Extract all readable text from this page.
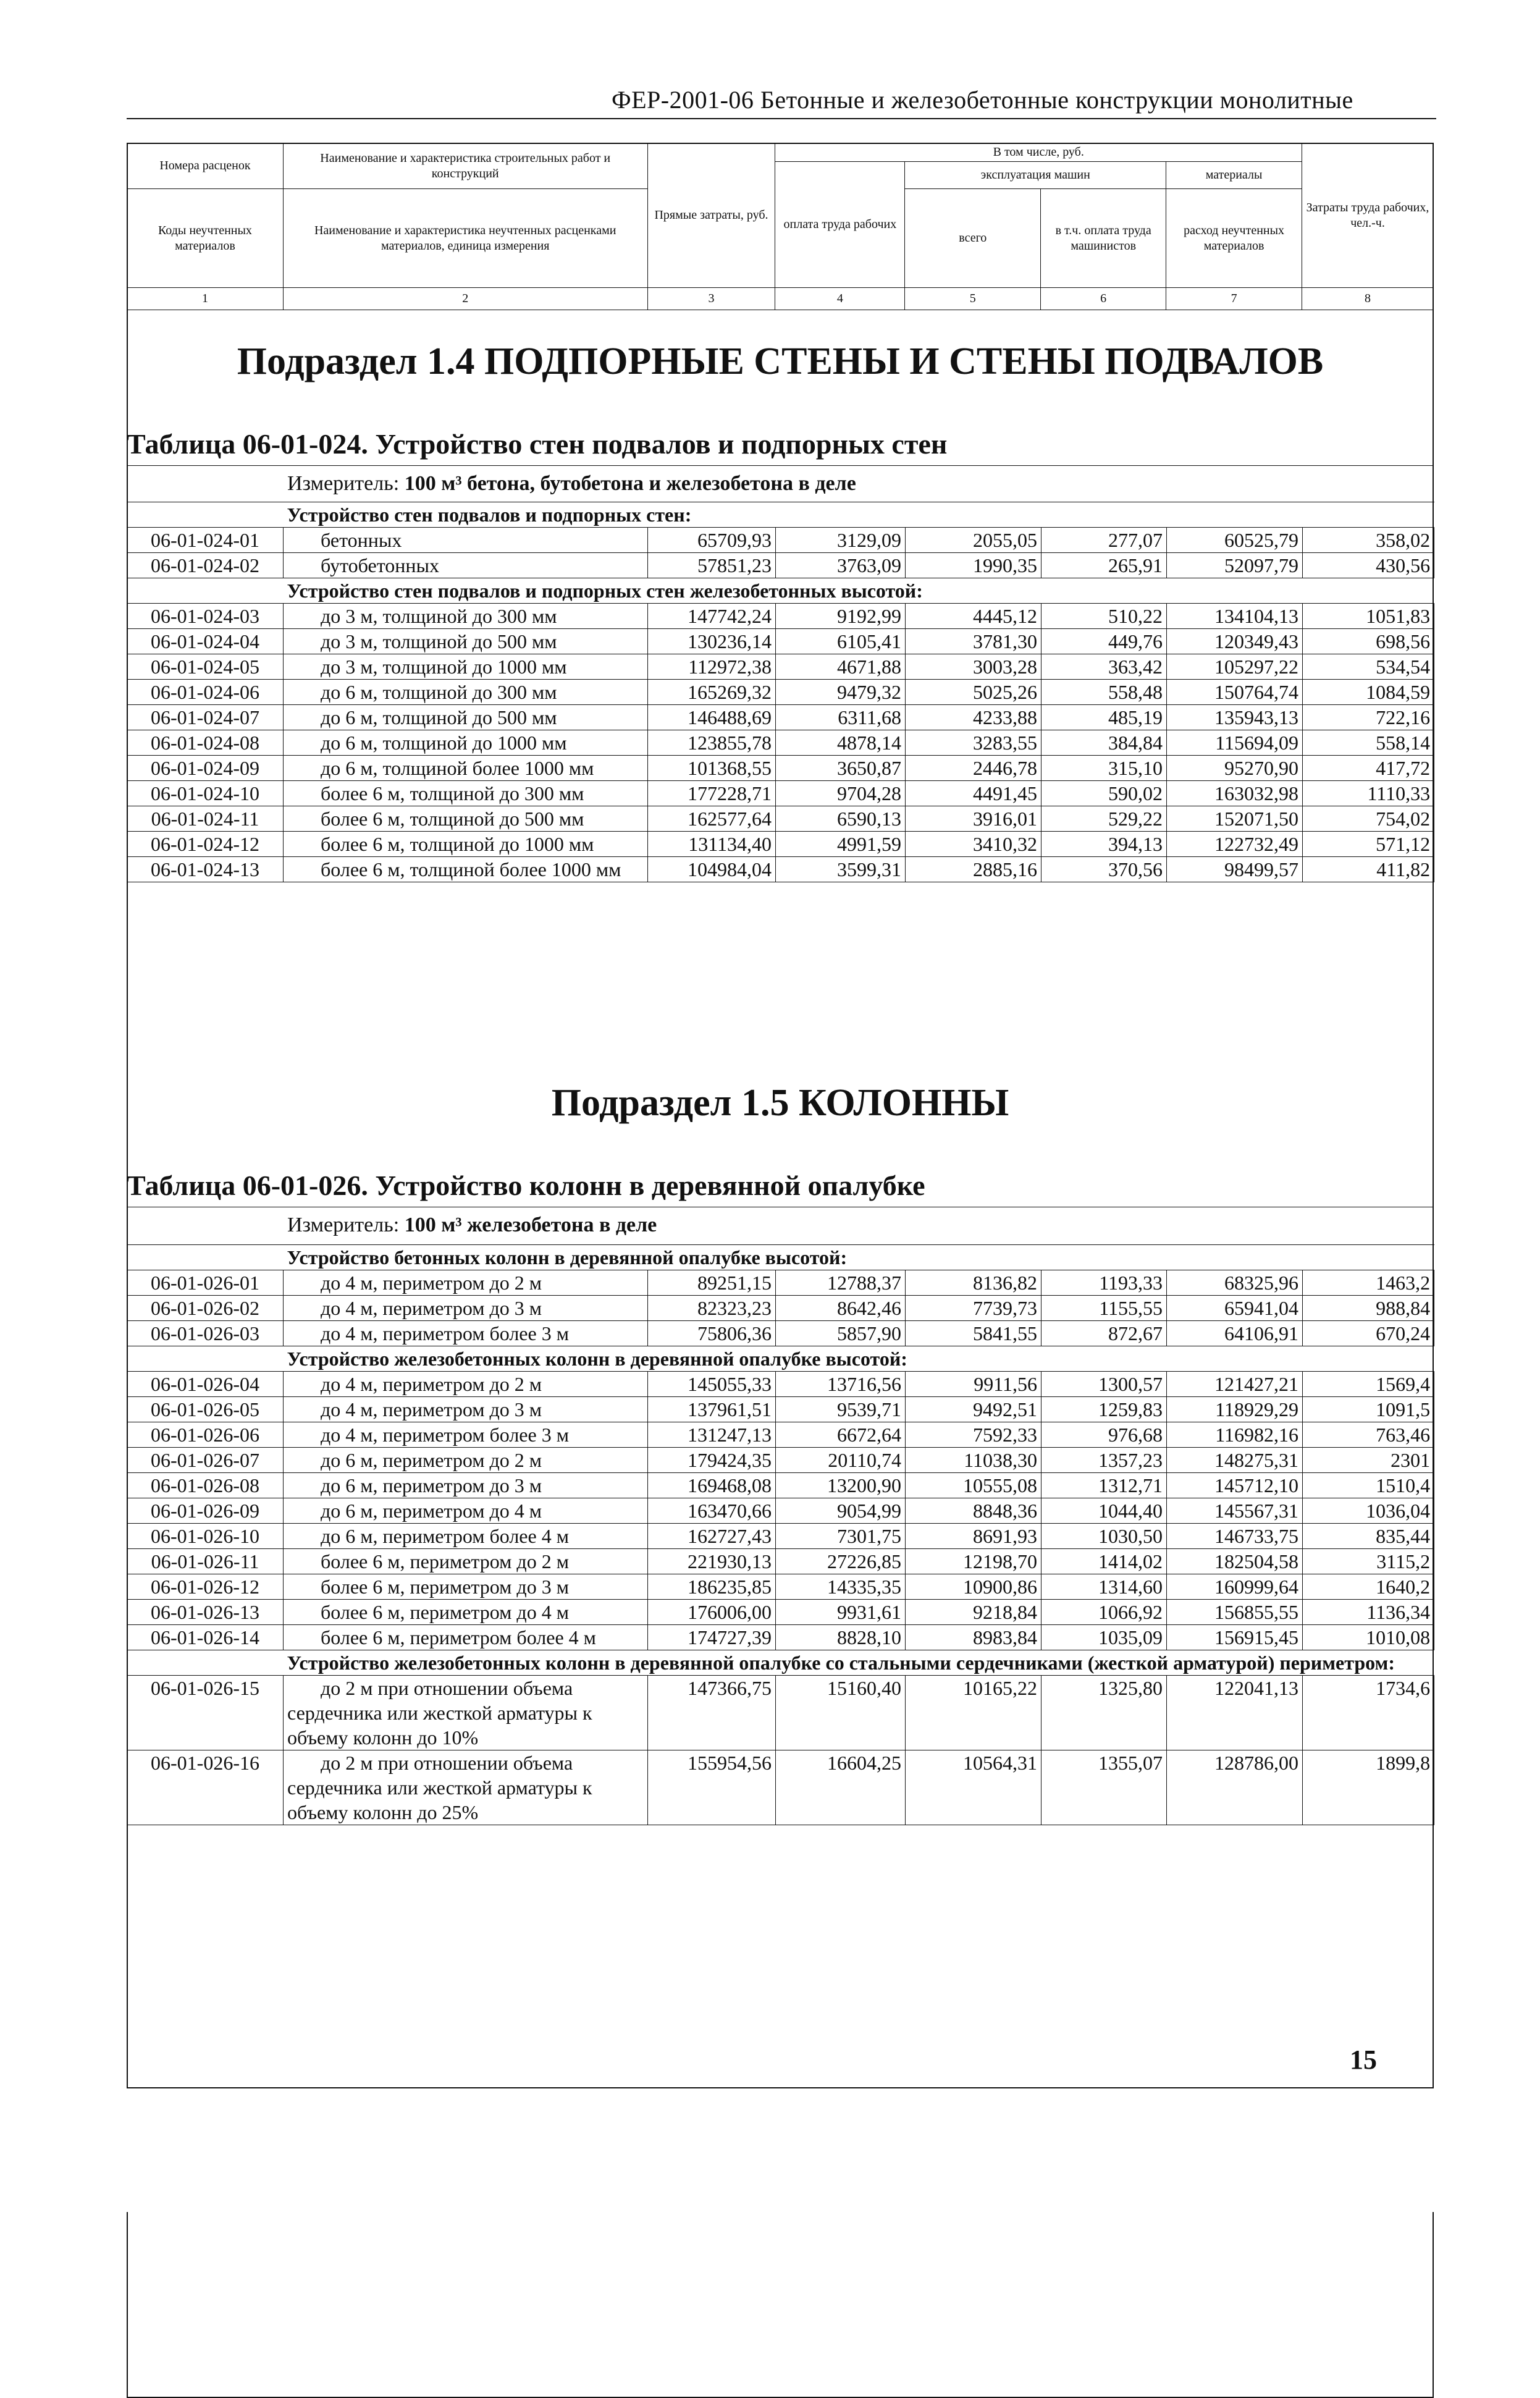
ФЕР-2001-06 Бетонные и железобетонные конструкции монолитные
Номера расценок	Наименование и характеристика строительных работ и конструкций	Прямые затраты, руб.	В том числе, руб.				Затраты труда рабочих, чел.-ч.
			оплата труда рабочих	эксплуатация машин		материалы	
Коды неучтенных материалов	Наименование и характеристика неучтенных расценками материалов, единица измерения			всего	в т.ч. оплата труда машинистов	расход неучтенных материалов	

1	2	3	4	5	6	7	8
Подраздел 1.4 ПОДПОРНЫЕ СТЕНЫ И СТЕНЫ ПОДВАЛОВ
Таблица 06-01-024. Устройство стен подвалов и подпорных стен
Измеритель: 100 м³ бетона, бутобетона и железобетона в деле
	Устройство стен подвалов и подпорных стен:						
06-01-024-01	бетонных	65709,93	3129,09	2055,05	277,07	60525,79	358,02
06-01-024-02	бутобетонных	57851,23	3763,09	1990,35	265,91	52097,79	430,56
	Устройство стен подвалов и подпорных стен железобетонных высотой:						
06-01-024-03	до 3 м, толщиной до 300 мм	147742,24	9192,99	4445,12	510,22	134104,13	1051,83
06-01-024-04	до 3 м, толщиной до 500 мм	130236,14	6105,41	3781,30	449,76	120349,43	698,56
06-01-024-05	до 3 м, толщиной до 1000 мм	112972,38	4671,88	3003,28	363,42	105297,22	534,54
06-01-024-06	до 6 м, толщиной до 300 мм	165269,32	9479,32	5025,26	558,48	150764,74	1084,59
06-01-024-07	до 6 м, толщиной до 500 мм	146488,69	6311,68	4233,88	485,19	135943,13	722,16
06-01-024-08	до 6 м, толщиной до 1000 мм	123855,78	4878,14	3283,55	384,84	115694,09	558,14
06-01-024-09	до 6 м, толщиной более 1000 мм	101368,55	3650,87	2446,78	315,10	95270,90	417,72
06-01-024-10	более 6 м, толщиной до 300 мм	177228,71	9704,28	4491,45	590,02	163032,98	1110,33
06-01-024-11	более 6 м, толщиной до 500 мм	162577,64	6590,13	3916,01	529,22	152071,50	754,02
06-01-024-12	более 6 м, толщиной до 1000 мм	131134,40	4991,59	3410,32	394,13	122732,49	571,12
06-01-024-13	более 6 м, толщиной более 1000 мм	104984,04	3599,31	2885,16	370,56	98499,57	411,82
Подраздел 1.5 КОЛОННЫ
Таблица 06-01-026. Устройство колонн в деревянной опалубке
Измеритель: 100 м³ железобетона в деле
	Устройство бетонных колонн в деревянной опалубке высотой:						
06-01-026-01	до 4 м, периметром до 2 м	89251,15	12788,37	8136,82	1193,33	68325,96	1463,2
06-01-026-02	до 4 м, периметром до 3 м	82323,23	8642,46	7739,73	1155,55	65941,04	988,84
06-01-026-03	до 4 м, периметром более 3 м	75806,36	5857,90	5841,55	872,67	64106,91	670,24
	Устройство железобетонных колонн в деревянной опалубке высотой:						
06-01-026-04	до 4 м, периметром до 2 м	145055,33	13716,56	9911,56	1300,57	121427,21	1569,4
06-01-026-05	до 4 м, периметром до 3 м	137961,51	9539,71	9492,51	1259,83	118929,29	1091,5
06-01-026-06	до 4 м, периметром более 3 м	131247,13	6672,64	7592,33	976,68	116982,16	763,46
06-01-026-07	до 6 м, периметром до 2 м	179424,35	20110,74	11038,30	1357,23	148275,31	2301
06-01-026-08	до 6 м, периметром до 3 м	169468,08	13200,90	10555,08	1312,71	145712,10	1510,4
06-01-026-09	до 6 м, периметром до 4 м	163470,66	9054,99	8848,36	1044,40	145567,31	1036,04
06-01-026-10	до 6 м, периметром более 4 м	162727,43	7301,75	8691,93	1030,50	146733,75	835,44
06-01-026-11	более 6 м, периметром до 2 м	221930,13	27226,85	12198,70	1414,02	182504,58	3115,2
06-01-026-12	более 6 м, периметром до 3 м	186235,85	14335,35	10900,86	1314,60	160999,64	1640,2
06-01-026-13	более 6 м, периметром до 4 м	176006,00	9931,61	9218,84	1066,92	156855,55	1136,34
06-01-026-14	более 6 м, периметром более 4 м	174727,39	8828,10	8983,84	1035,09	156915,45	1010,08
	Устройство железобетонных колонн в деревянной опалубке со стальными сердечниками (жесткой арматурой) периметром:						
06-01-026-15	до 2 м при отношении объема сердечника или жесткой арматуры к объему колонн до 10%	147366,75	15160,40	10165,22	1325,80	122041,13	1734,6
06-01-026-16	до 2 м при отношении объема сердечника или жесткой арматуры к объему колонн до 25%	155954,56	16604,25	10564,31	1355,07	128786,00	1899,8
15
